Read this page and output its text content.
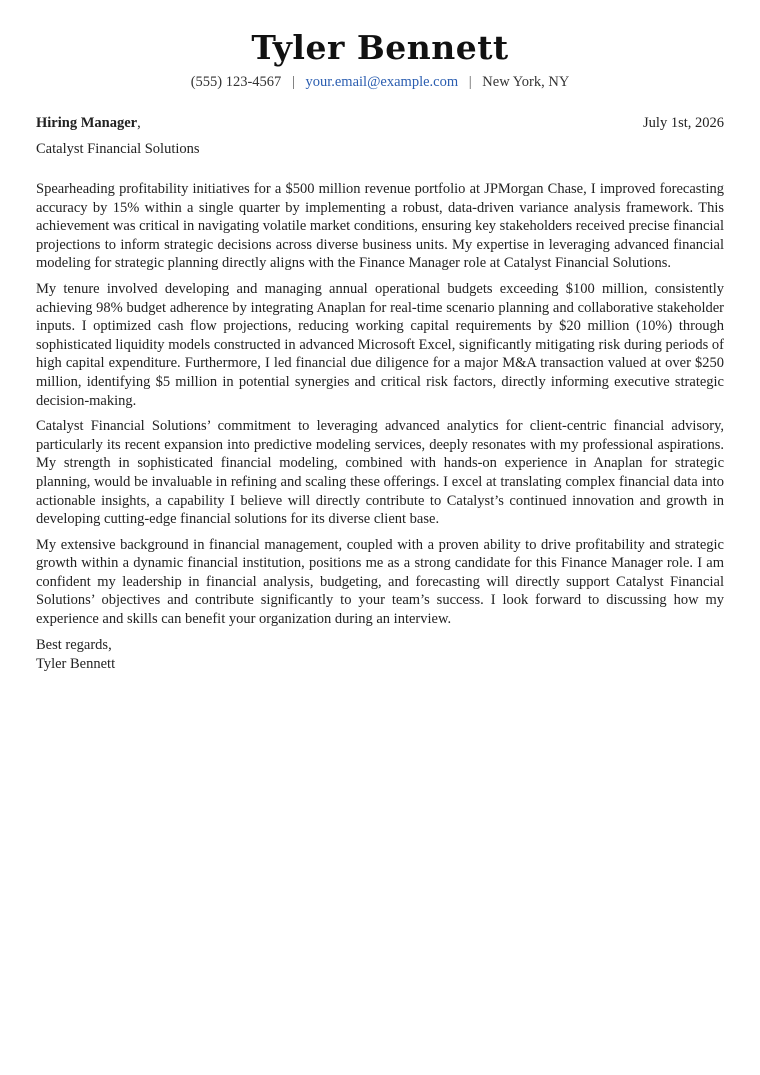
Tyler Bennett
(555) 123-4567 | your.email@example.com | New York, NY
Hiring Manager,	July 1st, 2026
Catalyst Financial Solutions

Spearheading profitability initiatives for a $500 million revenue portfolio at JPMorgan Chase, I improved forecasting accuracy by 15% within a single quarter by implementing a robust, data-driven variance analysis framework. This achievement was critical in navigating volatile market conditions, ensuring key stakeholders received precise financial projections to inform strategic decisions across diverse business units. My expertise in leveraging advanced financial modeling for strategic planning directly aligns with the Finance Manager role at Catalyst Financial Solutions.

My tenure involved developing and managing annual operational budgets exceeding $100 million, consistently achieving 98% budget adherence by integrating Anaplan for real-time scenario planning and collaborative stakeholder inputs. I optimized cash flow projections, reducing working capital requirements by $20 million (10%) through sophisticated liquidity models constructed in advanced Microsoft Excel, significantly mitigating risk during periods of high capital expenditure. Furthermore, I led financial due diligence for a major M&A transaction valued at over $250 million, identifying $5 million in potential synergies and critical risk factors, directly informing executive strategic decision-making.

Catalyst Financial Solutions’ commitment to leveraging advanced analytics for client-centric financial advisory, particularly its recent expansion into predictive modeling services, deeply resonates with my professional aspirations. My strength in sophisticated financial modeling, combined with hands-on experience in Anaplan for strategic planning, would be invaluable in refining and scaling these offerings. I excel at translating complex financial data into actionable insights, a capability I believe will directly contribute to Catalyst’s continued innovation and growth in developing cutting-edge financial solutions for its diverse client base.

My extensive background in financial management, coupled with a proven ability to drive profitability and strategic growth within a dynamic financial institution, positions me as a strong candidate for this Finance Manager role. I am confident my leadership in financial analysis, budgeting, and forecasting will directly support Catalyst Financial Solutions’ objectives and contribute significantly to your team’s success. I look forward to discussing how my experience and skills can benefit your organization during an interview.

Best regards,
Tyler Bennett
